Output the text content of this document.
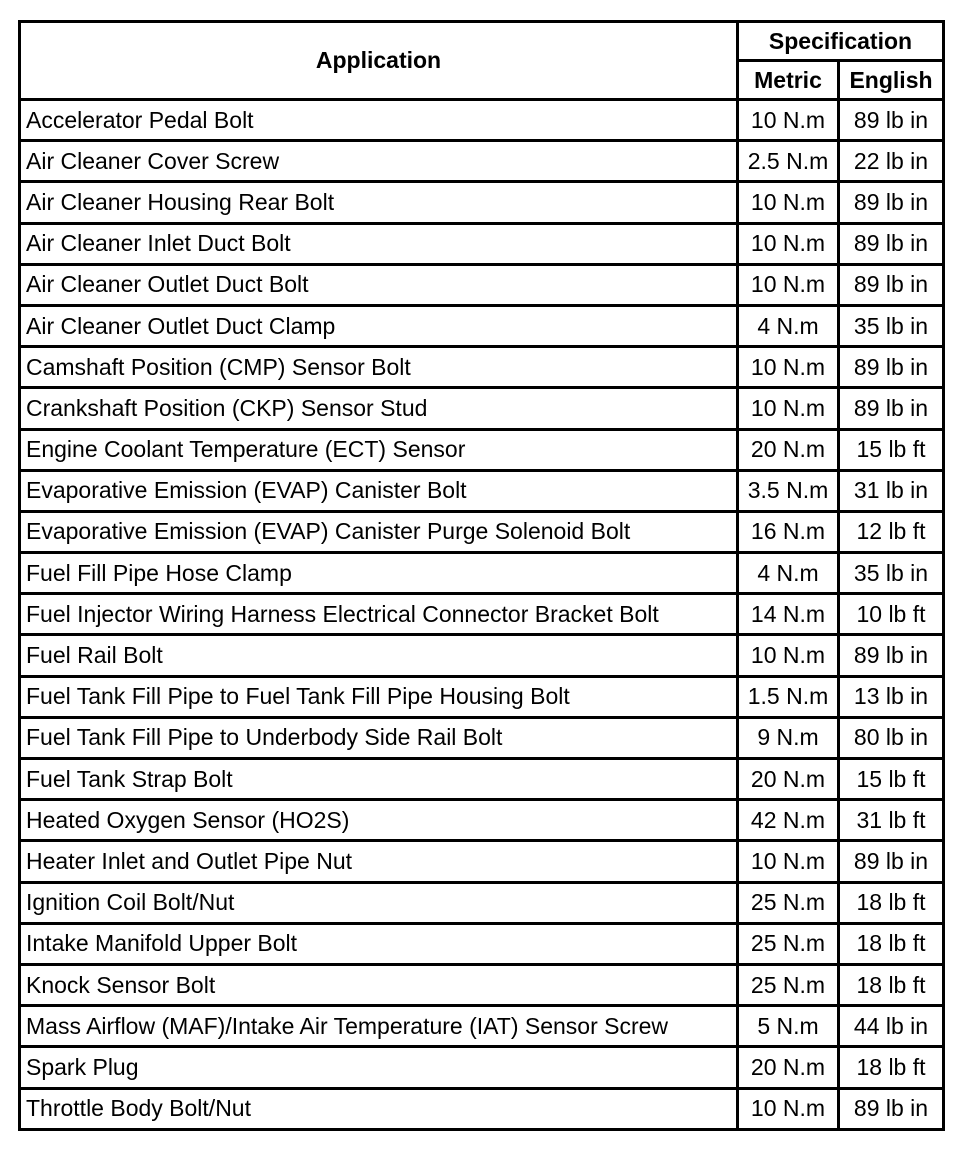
Application	Specification	
	Metric	English
Accelerator Pedal Bolt	10 N.m	89 lb in
Air Cleaner Cover Screw	2.5 N.m	22 lb in
Air Cleaner Housing Rear Bolt	10 N.m	89 lb in
Air Cleaner Inlet Duct Bolt	10 N.m	89 lb in
Air Cleaner Outlet Duct Bolt	10 N.m	89 lb in
Air Cleaner Outlet Duct Clamp	4 N.m	35 lb in
Camshaft Position (CMP) Sensor Bolt	10 N.m	89 lb in
Crankshaft Position (CKP) Sensor Stud	10 N.m	89 lb in
Engine Coolant Temperature (ECT) Sensor	20 N.m	15 lb ft
Evaporative Emission (EVAP) Canister Bolt	3.5 N.m	31 lb in
Evaporative Emission (EVAP) Canister Purge Solenoid Bolt	16 N.m	12 lb ft
Fuel Fill Pipe Hose Clamp	4 N.m	35 lb in
Fuel Injector Wiring Harness Electrical Connector Bracket Bolt	14 N.m	10 lb ft
Fuel Rail Bolt	10 N.m	89 lb in
Fuel Tank Fill Pipe to Fuel Tank Fill Pipe Housing Bolt	1.5 N.m	13 lb in
Fuel Tank Fill Pipe to Underbody Side Rail Bolt	9 N.m	80 lb in
Fuel Tank Strap Bolt	20 N.m	15 lb ft
Heated Oxygen Sensor (HO2S)	42 N.m	31 lb ft
Heater Inlet and Outlet Pipe Nut	10 N.m	89 lb in
Ignition Coil Bolt/Nut	25 N.m	18 lb ft
Intake Manifold Upper Bolt	25 N.m	18 lb ft
Knock Sensor Bolt	25 N.m	18 lb ft
Mass Airflow (MAF)/Intake Air Temperature (IAT) Sensor Screw	5 N.m	44 lb in
Spark Plug	20 N.m	18 lb ft
Throttle Body Bolt/Nut	10 N.m	89 lb in
